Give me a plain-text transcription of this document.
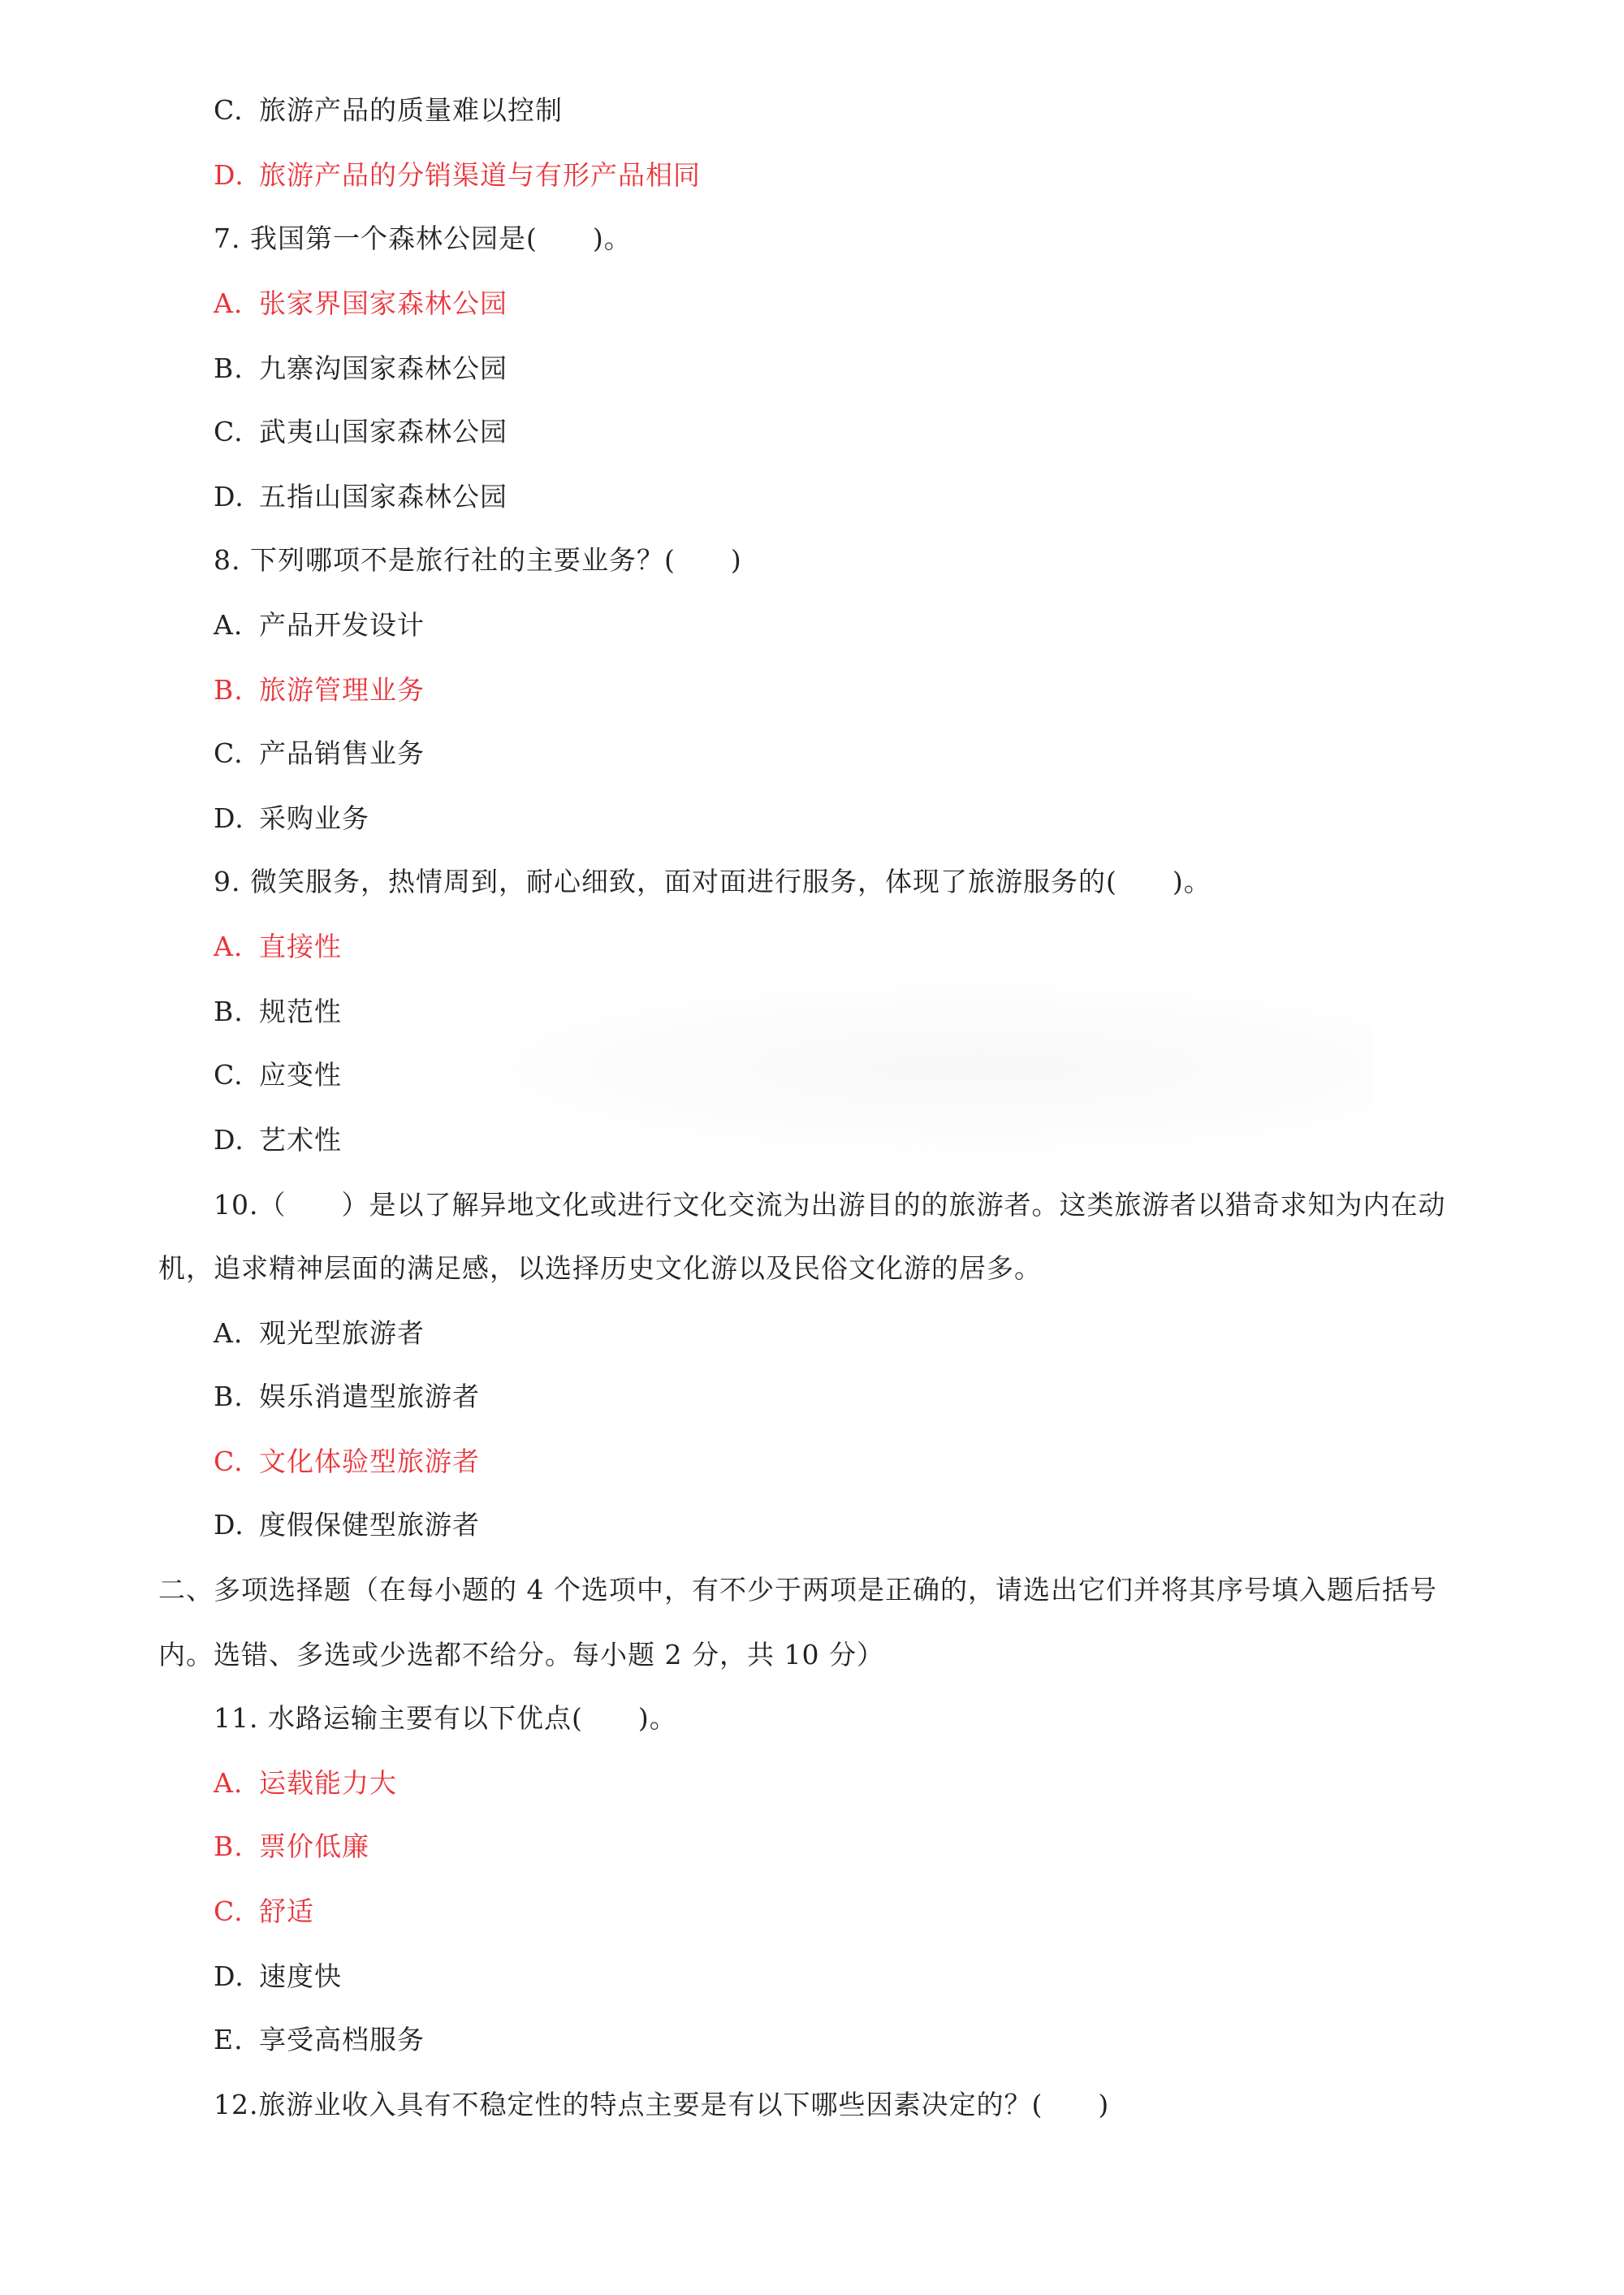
C. 旅游产品的质量难以控制
D. 旅游产品的分销渠道与有形产品相同
7. 我国第一个森林公园是(　　)。
A. 张家界国家森林公园
B. 九寨沟国家森林公园
C. 武夷山国家森林公园
D. 五指山国家森林公园
8. 下列哪项不是旅行社的主要业务？(　　)
A. 产品开发设计
B. 旅游管理业务
C. 产品销售业务
D. 采购业务
9. 微笑服务，热情周到，耐心细致，面对面进行服务，体现了旅游服务的(　　)。
A. 直接性
B. 规范性
C. 应变性
D. 艺术性
10.（　　）是以了解异地文化或进行文化交流为出游目的的旅游者。这类旅游者以猎奇求知为内在动
机，追求精神层面的满足感，以选择历史文化游以及民俗文化游的居多。
A. 观光型旅游者
B. 娱乐消遣型旅游者
C. 文化体验型旅游者
D. 度假保健型旅游者
二、多项选择题（在每小题的 4 个选项中，有不少于两项是正确的，请选出它们并将其序号填入题后括号
内。选错、多选或少选都不给分。每小题 2 分，共 10 分）
11. 水路运输主要有以下优点(　　)。
A. 运载能力大
B. 票价低廉
C. 舒适
D. 速度快
E. 享受高档服务
12.旅游业收入具有不稳定性的特点主要是有以下哪些因素决定的？(　　)
